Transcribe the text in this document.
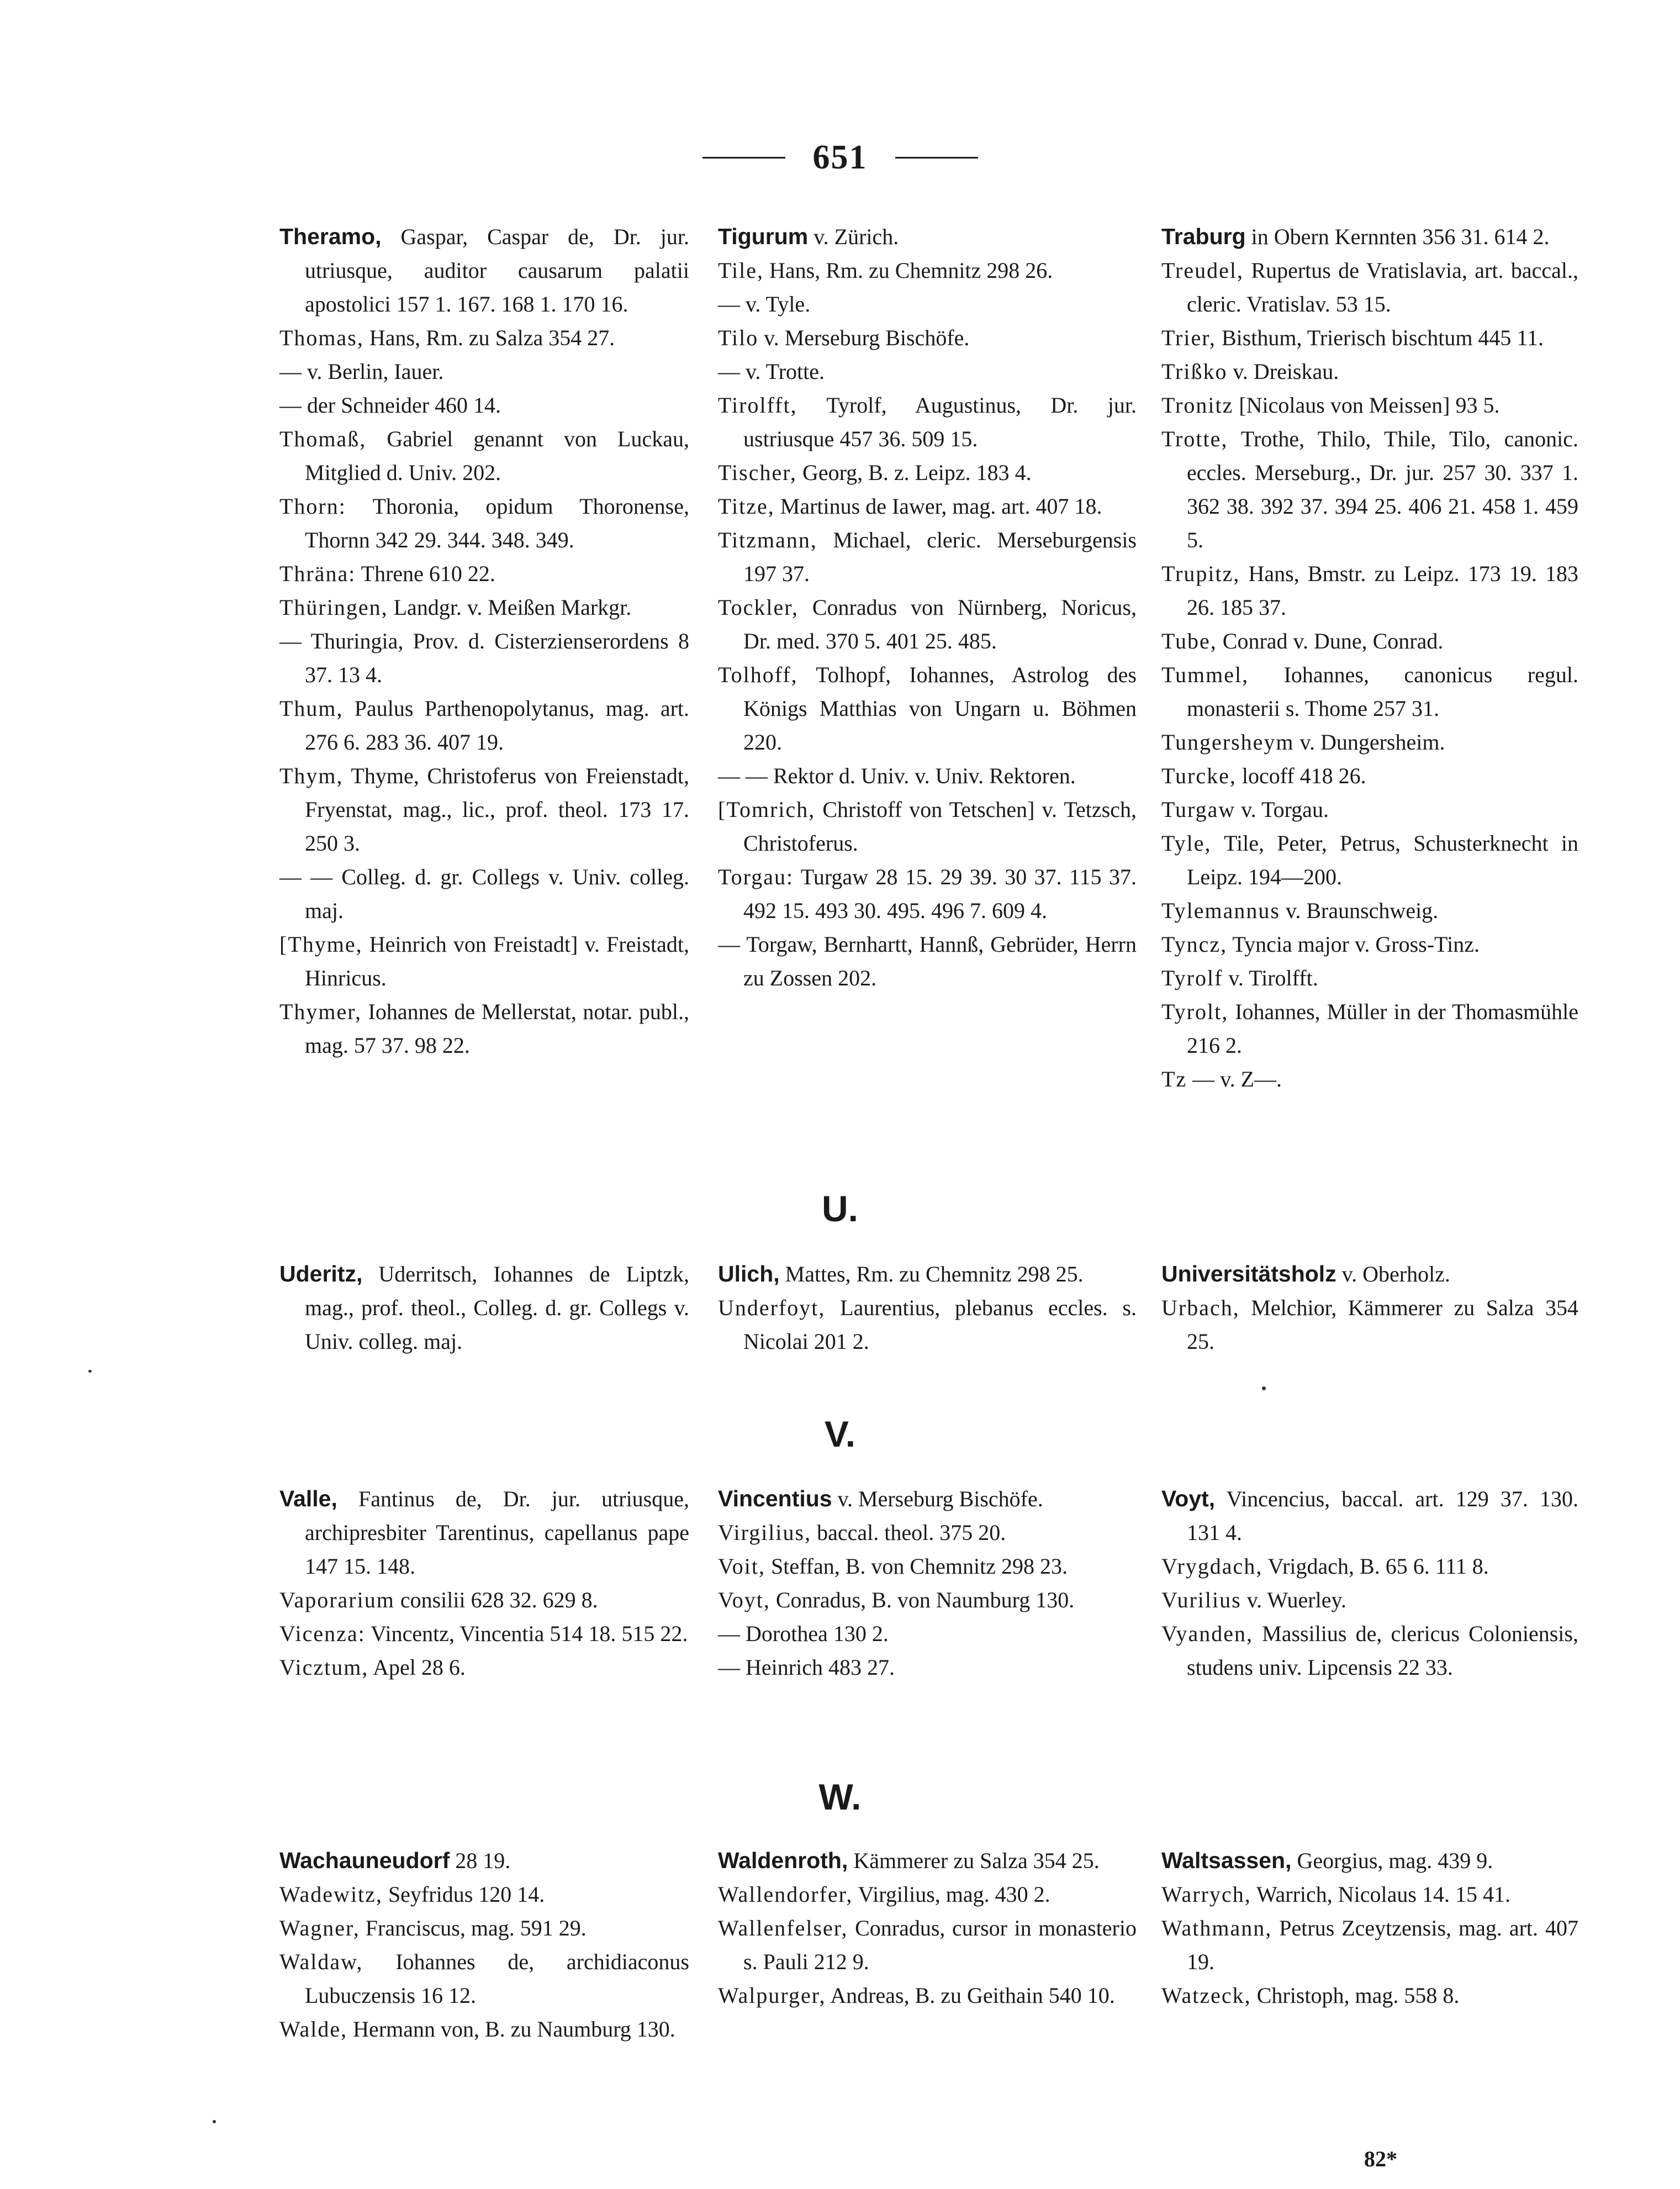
651

Theramo, Gaspar, Caspar de, Dr. jur. utriusque, auditor causarum palatii apostolici 157 1. 167. 168 1. 170 16.

Thomas, Hans, Rm. zu Salza 354 27.

— v. Berlin, Iauer.

— der Schneider 460 14.

Thomaß, Gabriel genannt von Luckau, Mitglied d. Univ. 202.

Thorn: Thoronia, opidum Thoronense, Thornn 342 29. 344. 348. 349.

Thräna: Threne 610 22.

Thüringen, Landgr. v. Meißen Markgr.

— Thuringia, Prov. d. Cisterzienserordens 8 37. 13 4.

Thum, Paulus Parthenopolytanus, mag. art. 276 6. 283 36. 407 19.

Thym, Thyme, Christoferus von Freienstadt, Fryenstat, mag., lic., prof. theol. 173 17. 250 3.

— — Colleg. d. gr. Collegs v. Univ. colleg. maj.

[Thyme, Heinrich von Freistadt] v. Freistadt, Hinricus.

Thymer, Iohannes de Mellerstat, notar. publ., mag. 57 37. 98 22.

Tigurum v. Zürich.

Tile, Hans, Rm. zu Chemnitz 298 26.

— v. Tyle.

Tilo v. Merseburg Bischöfe.

— v. Trotte.

Tirolfft, Tyrolf, Augustinus, Dr. jur. ustriusque 457 36. 509 15.

Tischer, Georg, B. z. Leipz. 183 4.

Titze, Martinus de Iawer, mag. art. 407 18.

Titzmann, Michael, cleric. Merseburgensis 197 37.

Tockler, Conradus von Nürnberg, Noricus, Dr. med. 370 5. 401 25. 485.

Tolhoff, Tolhopf, Iohannes, Astrolog des Königs Matthias von Ungarn u. Böhmen 220.

— — Rektor d. Univ. v. Univ. Rektoren.

[Tomrich, Christoff von Tetschen] v. Tetzsch, Christoferus.

Torgau: Turgaw 28 15. 29 39. 30 37. 115 37. 492 15. 493 30. 495. 496 7. 609 4.

— Torgaw, Bernhartt, Hannß, Gebrüder, Herrn zu Zossen 202.

Traburg in Obern Kernnten 356 31. 614 2.

Treudel, Rupertus de Vratislavia, art. baccal., cleric. Vratislav. 53 15.

Trier, Bisthum, Trierisch bischtum 445 11.

Trißko v. Dreiskau.

Tronitz [Nicolaus von Meissen] 93 5.

Trotte, Trothe, Thilo, Thile, Tilo, canonic. eccles. Merseburg., Dr. jur. 257 30. 337 1. 362 38. 392 37. 394 25. 406 21. 458 1. 459 5.

Trupitz, Hans, Bmstr. zu Leipz. 173 19. 183 26. 185 37.

Tube, Conrad v. Dune, Conrad.

Tummel, Iohannes, canonicus regul. monasterii s. Thome 257 31.

Tungersheym v. Dungersheim.

Turcke, locoff 418 26.

Turgaw v. Torgau.

Tyle, Tile, Peter, Petrus, Schusterknecht in Leipz. 194—200.

Tylemannus v. Braunschweig.

Tyncz, Tyncia major v. Gross-Tinz.

Tyrolf v. Tirolfft.

Tyrolt, Iohannes, Müller in der Thomasmühle 216 2.

Tz — v. Z—.

U.

Uderitz, Uderritsch, Iohannes de Liptzk, mag., prof. theol., Colleg. d. gr. Collegs v. Univ. colleg. maj.

Ulich, Mattes, Rm. zu Chemnitz 298 25.

Underfoyt, Laurentius, plebanus eccles. s. Nicolai 201 2.

Universitätsholz v. Oberholz.

Urbach, Melchior, Kämmerer zu Salza 354 25.

V.

Valle, Fantinus de, Dr. jur. utriusque, archipresbiter Tarentinus, capellanus pape 147 15. 148.

Vaporarium consilii 628 32. 629 8.

Vicenza: Vincentz, Vincentia 514 18. 515 22.

Vicztum, Apel 28 6.

Vincentius v. Merseburg Bischöfe.

Virgilius, baccal. theol. 375 20.

Voit, Steffan, B. von Chemnitz 298 23.

Voyt, Conradus, B. von Naumburg 130.

— Dorothea 130 2.

— Heinrich 483 27.

Voyt, Vincencius, baccal. art. 129 37. 130. 131 4.

Vrygdach, Vrigdach, B. 65 6. 111 8.

Vurilius v. Wuerley.

Vyanden, Massilius de, clericus Coloniensis, studens univ. Lipcensis 22 33.

W.

Wachauneudorf 28 19.

Wadewitz, Seyfridus 120 14.

Wagner, Franciscus, mag. 591 29.

Waldaw, Iohannes de, archidiaconus Lubuczensis 16 12.

Walde, Hermann von, B. zu Naumburg 130.

Waldenroth, Kämmerer zu Salza 354 25.

Wallendorfer, Virgilius, mag. 430 2.

Wallenfelser, Conradus, cursor in monasterio s. Pauli 212 9.

Walpurger, Andreas, B. zu Geithain 540 10.

Waltsassen, Georgius, mag. 439 9.

Warrych, Warrich, Nicolaus 14. 15 41.

Wathmann, Petrus Zceytzensis, mag. art. 407 19.

Watzeck, Christoph, mag. 558 8.

82*
